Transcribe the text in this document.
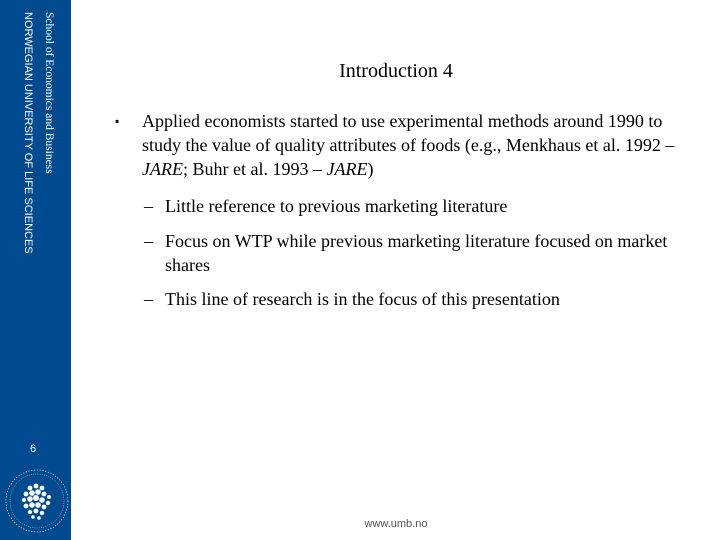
School of Economics and Business
NORWEGIAN UNIVERSITY OF LIFE SCIENCES
6
Introduction 4
▪ Applied economists started to use experimental methods around 1990 to study the value of quality attributes of foods (e.g., Menkhaus et al. 1992 – JARE; Buhr et al. 1993 – JARE)
– Little reference to previous marketing literature
– Focus on WTP while previous marketing literature focused on market shares
– This line of research is in the focus of this presentation
www.umb.no
